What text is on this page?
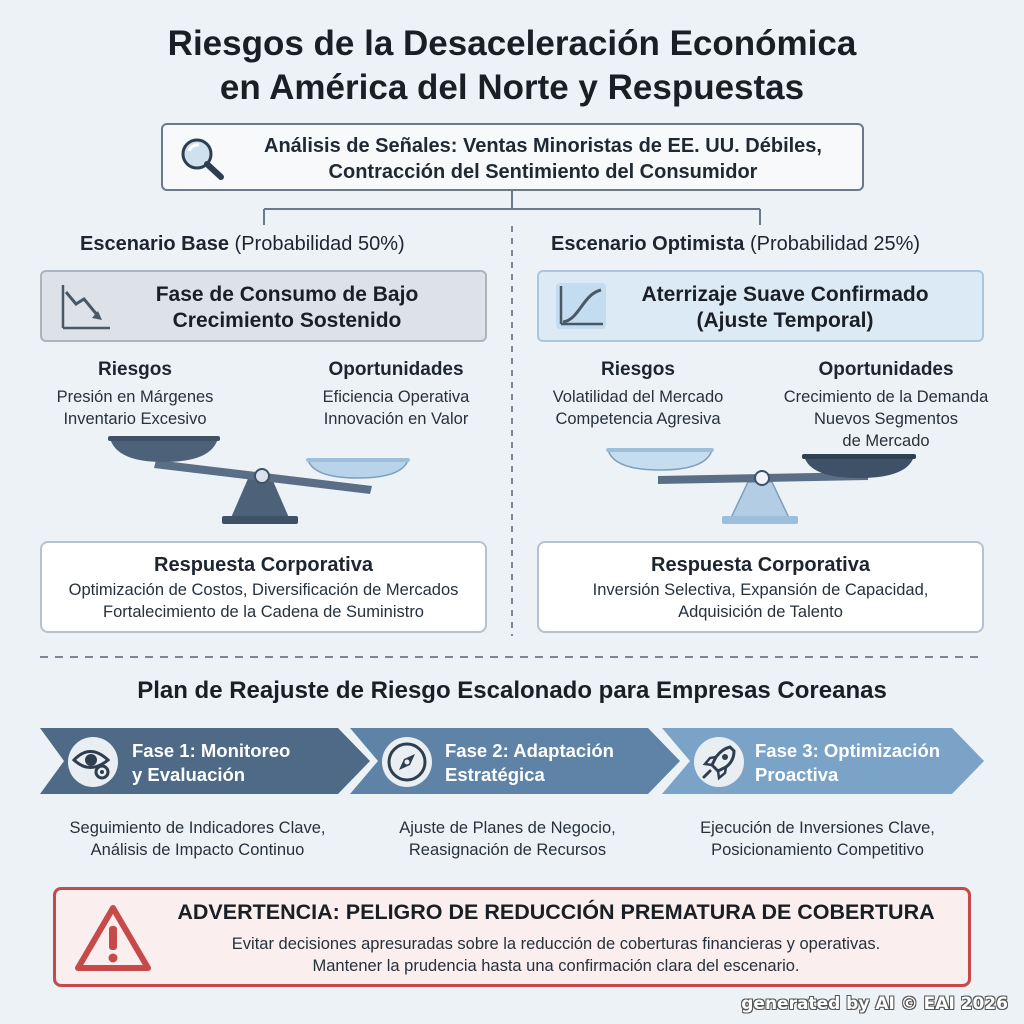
Riesgos de la Desaceleración Económica
en América del Norte y Respuestas
Análisis de Señales: Ventas Minoristas de EE. UU. Débiles,
Contracción del Sentimiento del Consumidor
Escenario Base (Probabilidad 50%)
Fase de Consumo de Bajo
Crecimiento Sostenido
Riesgos
Presión en Márgenes
Inventario Excesivo
Oportunidades
Eficiencia Operativa
Innovación en Valor
Respuesta Corporativa
Optimización de Costos, Diversificación de Mercados
Fortalecimiento de la Cadena de Suministro
Escenario Optimista (Probabilidad 25%)
Aterrizaje Suave Confirmado
(Ajuste Temporal)
Riesgos
Volatilidad del Mercado
Competencia Agresiva
Oportunidades
Crecimiento de la Demanda
Nuevos Segmentos
de Mercado
Respuesta Corporativa
Inversión Selectiva, Expansión de Capacidad,
Adquisición de Talento
Plan de Reajuste de Riesgo Escalonado para Empresas Coreanas
Fase 1: Monitoreo
y Evaluación
Fase 2: Adaptación
Estratégica
Fase 3: Optimización
Proactiva
Seguimiento de Indicadores Clave,
Análisis de Impacto Continuo
Ajuste de Planes de Negocio,
Reasignación de Recursos
Ejecución de Inversiones Clave,
Posicionamiento Competitivo
ADVERTENCIA: PELIGRO DE REDUCCIÓN PREMATURA DE COBERTURA
Evitar decisiones apresuradas sobre la reducción de coberturas financieras y operativas.
Mantener la prudencia hasta una confirmación clara del escenario.
generated by AI © EAI 2026
